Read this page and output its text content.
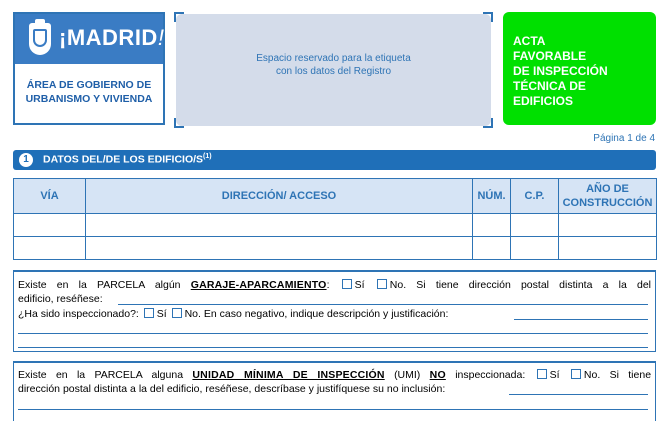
¡MADRID!
ÁREA DE GOBIERNO DE
URBANISMO Y VIVIENDA
Espacio reservado para la etiqueta
con los datos del Registro
ACTA
FAVORABLE
DE INSPECCIÓN
TÉCNICA DE
EDIFICIOS
Página 1 de 4
1	DATOS DEL/DE LOS EDIFICIO/$S^{(1)}$
VÍA	DIRECCIÓN/ ACCESO	NÚM.	C.P.	AÑO DE CONSTRUCCIÓN

Existe en la PARCELA algún GARAJE-APARCAMIENTO: Sí No. Si tiene dirección postal distinta a la del
edificio, reséñese:
¿Ha sido inspeccionado?: Sí No. En caso negativo, indique descripción y justificación:
Existe en la PARCELA alguna UNIDAD MÍNIMA DE INSPECCIÓN (UMI) NO inspeccionada: Sí No. Si tiene
dirección postal distinta a la del edificio, reséñese, descríbase y justifíquese su no inclusión:
